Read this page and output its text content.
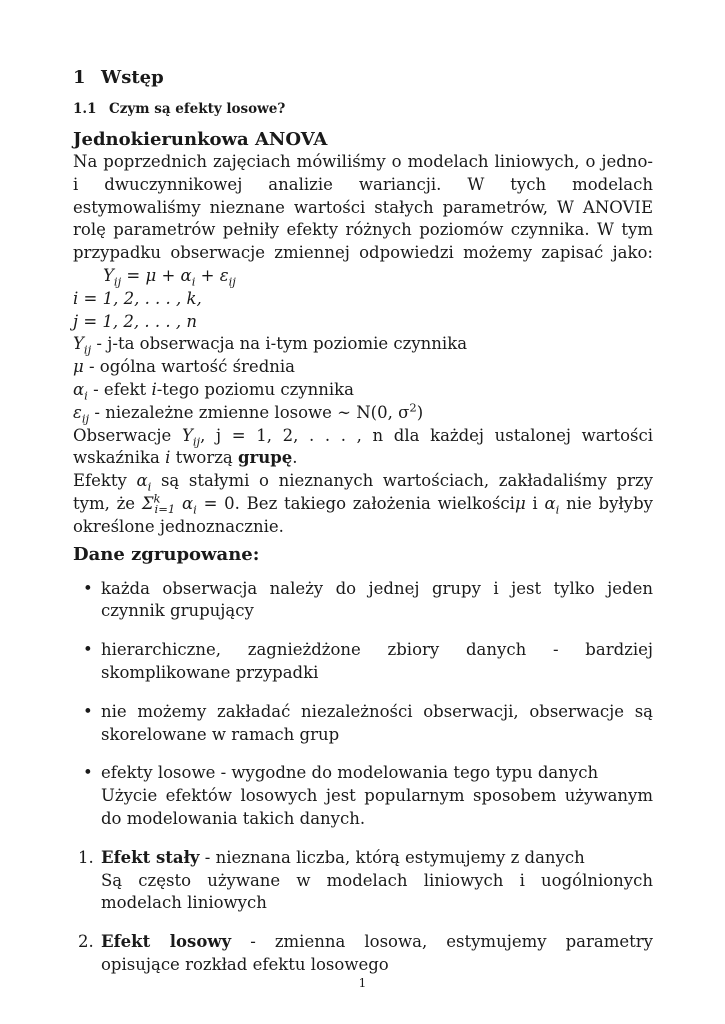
1 Wstęp
1.1 Czym są efekty losowe?
Jednokierunkowa ANOVA
Na poprzednich zajęciach mówiliśmy o modelach liniowych, o jedno- i dwuczynnikowej analizie wariancji. W tych modelach estymowaliśmy nieznane wartości stałych parametrów, W ANOVIE rolę parametrów pełniły efekty różnych poziomów czynnika. W tym przypadku obserwacje zmiennej odpowiedzi możemy zapisać jako: $Y_{ij} = \mu + \alpha_i + \varepsilon_{ij}$
i = 1, 2, . . . , k,
j = 1, 2, . . . , n
$Y_{ij} - j-ta$ obserwacja na i-tym poziomie czynnika
μ - ogólna wartość średnia
$\alpha_i$ - efekt i-tego poziomu czynnika
$\varepsilon_{ij}$ - niezależne zmienne losowe ∼ N(0, $\sigma^2$)
Obserwacje $Y_{ij}$, j = 1, 2, . . . , n dla każdej ustalonej wartości wskaźnika i tworzą grupę.
Efekty $\alpha_i$ są stałymi o nieznanych wartościach, zakładaliśmy przy tym, że $\Sigma^k_{i=1}$ $\alpha_i = 0$. Bez takiego założenia wielkościμ i $\alpha_i$ nie byłyby określone jednoznacznie.
Dane zgrupowane:
• każda obserwacja należy do jednej grupy i jest tylko jeden czynnik grupujący
• hierarchiczne, zagnieżdżone zbiory danych - bardziej skomplikowane przypadki
• nie możemy zakładać niezależności obserwacji, obserwacje są skorelowane w ramach grup
• efekty losowe - wygodne do modelowania tego typu danych
Użycie efektów losowych jest popularnym sposobem używanym do modelowania takich danych.
1. Efekt stały - nieznana liczba, którą estymujemy z danych
Są często używane w modelach liniowych i uogólnionych modelach liniowych
2. Efekt losowy - zmienna losowa, estymujemy parametry opisujące rozkład efektu losowego
1
